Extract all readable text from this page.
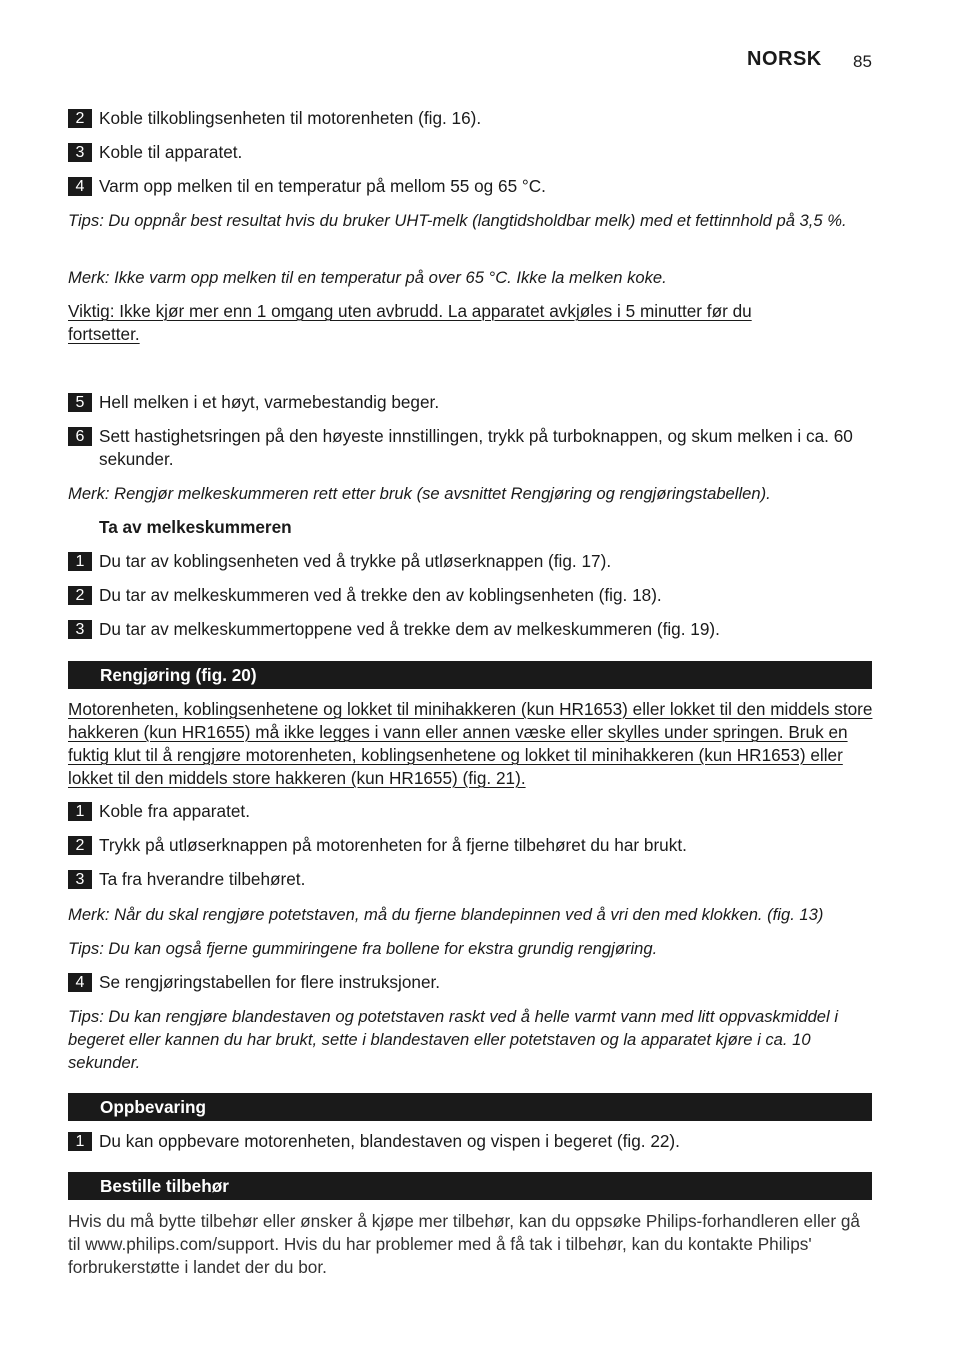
NORSK 85
2 Koble tilkoblingsenheten til motorenheten (fig. 16).
3 Koble til apparatet.
4 Varm opp melken til en temperatur på mellom 55 og 65 °C.
Tips: Du oppnår best resultat hvis du bruker UHT-melk (langtidsholdbar melk) med et fettinnhold på 3,5 %.
Merk: Ikke varm opp melken til en temperatur på over 65 °C. Ikke la melken koke.
Viktig: Ikke kjør mer enn 1 omgang uten avbrudd. La apparatet avkjøles i 5 minutter før du fortsetter.
5 Hell melken i et høyt, varmebestandig beger.
6 Sett hastighetsringen på den høyeste innstillingen, trykk på turboknappen, og skum melken i ca. 60 sekunder.
Merk: Rengjør melkeskummeren rett etter bruk (se avsnittet Rengjøring og rengjøringstabellen).
Ta av melkeskummeren
1 Du tar av koblingsenheten ved å trykke på utløserknappen (fig. 17).
2 Du tar av melkeskummeren ved å trekke den av koblingsenheten (fig. 18).
3 Du tar av melkeskummertoppene ved å trekke dem av melkeskummeren (fig. 19).
Rengjøring (fig. 20)
Motorenheten, koblingsenhetene og lokket til minihakkeren (kun HR1653) eller lokket til den middels store hakkeren (kun HR1655) må ikke legges i vann eller annen væske eller skylles under springen. Bruk en fuktig klut til å rengjøre motorenheten, koblingsenhetene og lokket til minihakkeren (kun HR1653) eller lokket til den middels store hakkeren (kun HR1655) (fig. 21).
1 Koble fra apparatet.
2 Trykk på utløserknappen på motorenheten for å fjerne tilbehøret du har brukt.
3 Ta fra hverandre tilbehøret.
Merk: Når du skal rengjøre potetstaven, må du fjerne blandepinnen ved å vri den med klokken. (fig. 13)
Tips: Du kan også fjerne gummiringene fra bollene for ekstra grundig rengjøring.
4 Se rengjøringstabellen for flere instruksjoner.
Tips: Du kan rengjøre blandestaven og potetstaven raskt ved å helle varmt vann med litt oppvaskmiddel i begeret eller kannen du har brukt, sette i blandestaven eller potetstaven og la apparatet kjøre i ca. 10 sekunder.
Oppbevaring
1 Du kan oppbevare motorenheten, blandestaven og vispen i begeret (fig. 22).
Bestille tilbehør
Hvis du må bytte tilbehør eller ønsker å kjøpe mer tilbehør, kan du oppsøke Philips-forhandleren eller gå til www.philips.com/support. Hvis du har problemer med å få tak i tilbehør, kan du kontakte Philips' forbrukerstøtte i landet der du bor.
